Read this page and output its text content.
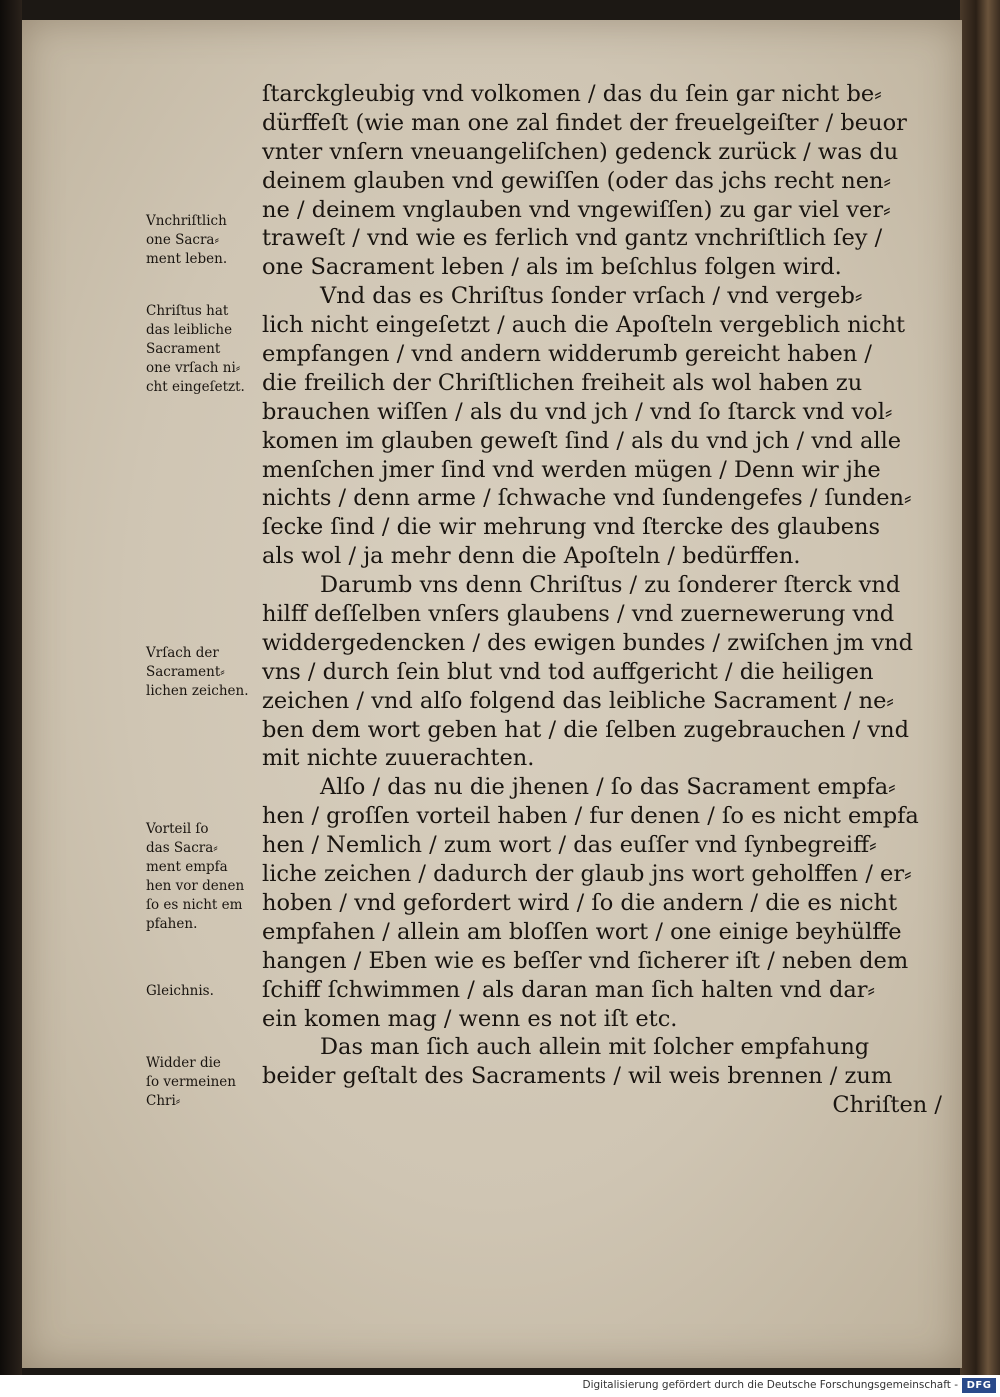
ſtarckgleubig vnd volkomen / das du ſein gar nicht be⸗
dürffeſt (wie man one zal findet der freuelgeiſter / beuor
vnter vnſern vneuangeliſchen) gedenck zurück / was du
deinem glauben vnd gewiſſen (oder das jchs recht nen⸗
ne / deinem vnglauben vnd vngewiſſen) zu gar viel ver⸗
traweſt / vnd wie es ferlich vnd gantz vnchriſtlich ſey /
one Sacrament leben / als im beſchlus folgen wird.
Vnd das es Chriſtus ſonder vrſach / vnd vergeb⸗
lich nicht eingeſetzt / auch die Apoſteln vergeblich nicht
empfangen / vnd andern widderumb gereicht haben /
die freilich der Chriſtlichen freiheit als wol haben zu
brauchen wiſſen / als du vnd jch / vnd ſo ſtarck vnd vol⸗
komen im glauben geweſt ſind / als du vnd jch / vnd alle
menſchen jmer ſind vnd werden mügen / Denn wir jhe
nichts / denn arme / ſchwache vnd ſundengefes / ſunden⸗
ſecke ſind / die wir mehrung vnd ſtercke des glaubens
als wol / ja mehr denn die Apoſteln / bedürffen.
Darumb vns denn Chriſtus / zu ſonderer ſterck vnd
hilff deſſelben vnſers glaubens / vnd zuernewerung vnd
widdergedencken / des ewigen bundes / zwiſchen jm vnd
vns / durch ſein blut vnd tod auffgericht / die heiligen
zeichen / vnd alſo folgend das leibliche Sacrament / ne⸗
ben dem wort geben hat / die ſelben zugebrauchen / vnd
mit nichte zuuerachten.
Alſo / das nu die jhenen / ſo das Sacrament empfa⸗
hen / groſſen vorteil haben / fur denen / ſo es nicht empfa
hen / Nemlich / zum wort / das euſſer vnd ſynbegreiff⸗
liche zeichen / dadurch der glaub jns wort geholffen / er⸗
hoben / vnd gefordert wird / ſo die andern / die es nicht
empfahen / allein am bloſſen wort / one einige beyhülffe
hangen / Eben wie es beſſer vnd ſicherer iſt / neben dem
ſchiff ſchwimmen / als daran man ſich halten vnd dar⸗
ein komen mag / wenn es not iſt etc.
Das man ſich auch allein mit ſolcher empfahung
beider geſtalt des Sacraments / wil weis brennen / zum
Chriſten /
Vnchriſtlich
one Sacra⸗
ment leben.
Chriſtus hat
das leibliche
Sacrament
one vrſach ni⸗
cht eingeſetzt.
Vrſach der
Sacrament⸗
lichen zeichen.
Vorteil ſo
das Sacra⸗
ment empfa
hen vor denen
ſo es nicht em
pfahen.
Gleichnis.
Widder die
ſo vermeinen
Chri⸗
Digitalisierung gefördert durch die Deutsche Forschungsgemeinschaft - DFG
